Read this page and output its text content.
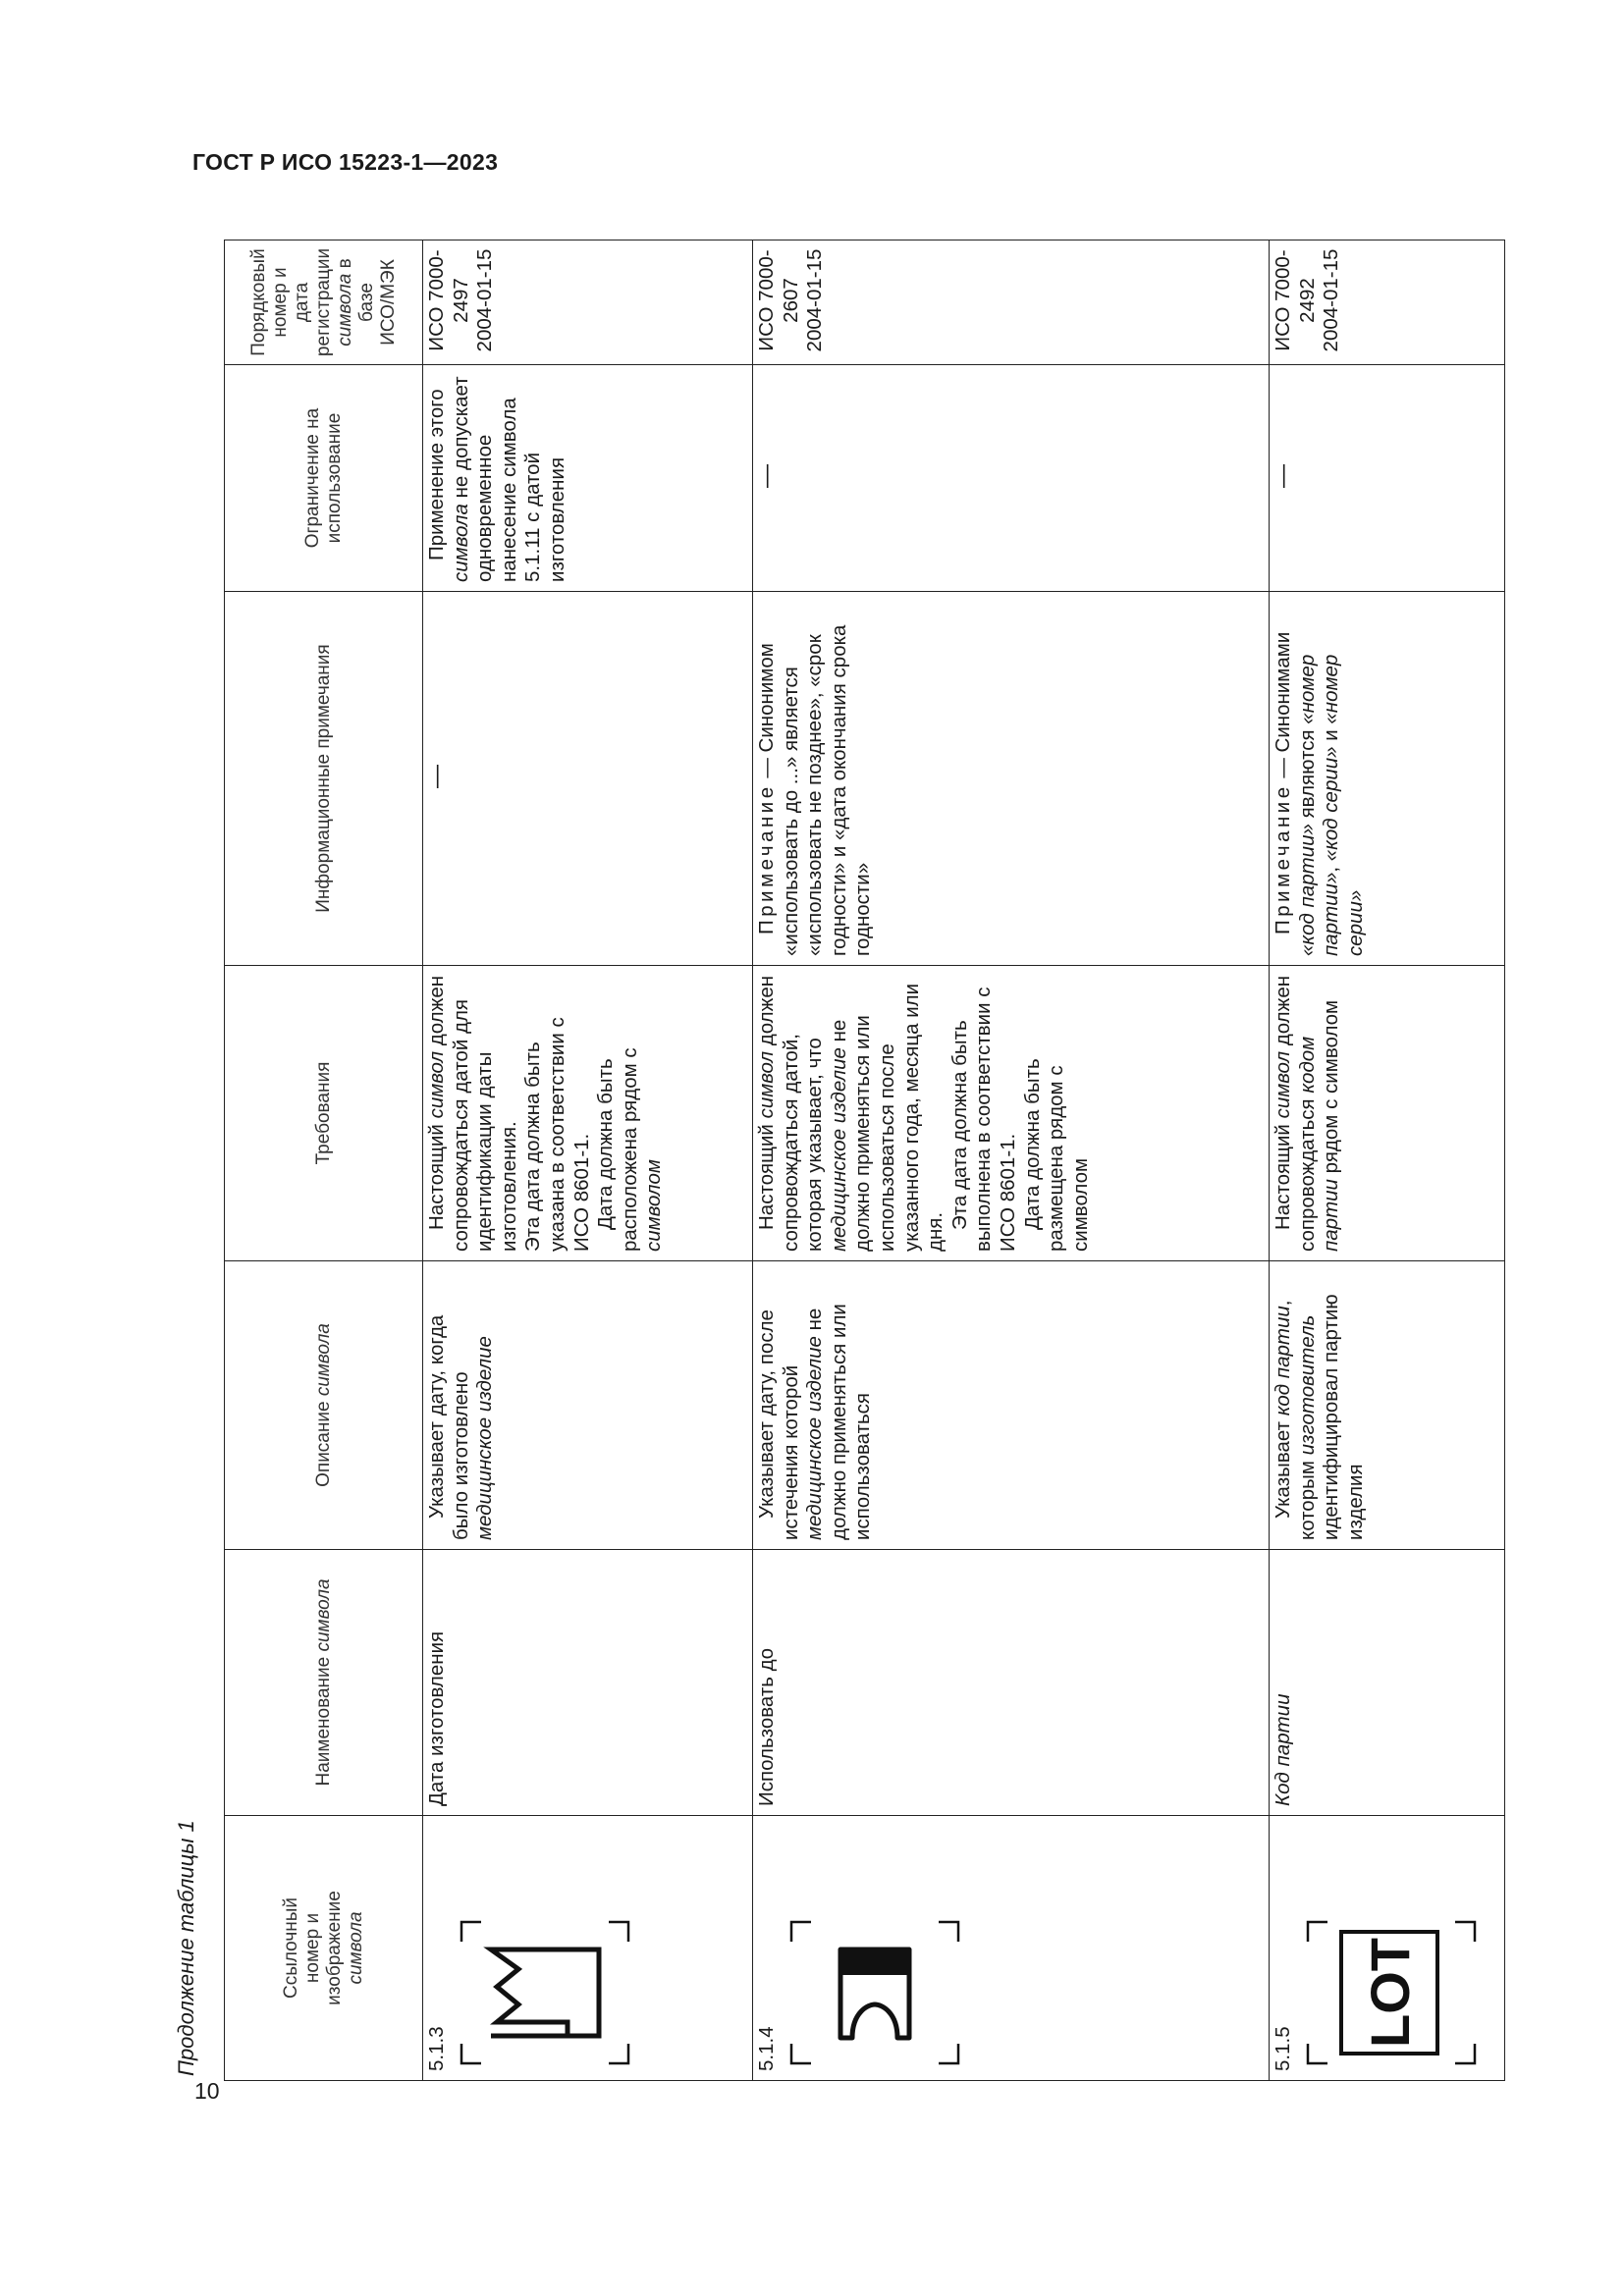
ГОСТ Р ИСО 15223-1—2023
10
Продолжение таблицы 1	Ссылочный
номер и
изображение
символа	Наименование символа	Описание символа	Требования	Информационные примечания	Ограничение на
использование	Порядковый
номер и дата
регистрации
символа в базе
ИСО/МЭК

5.1.3	Дата изготовления	Указывает дату, когда было изготовлено медицинское изделие	Настоящий символ должен сопровождаться датой для идентификации даты изготовления.
Эта дата должна быть указана в соответствии с ИСО 8601-1.
Дата должна быть расположена рядом с символом	—	Применение этого символа не допускает одновременное нанесение символа 5.1.11 с датой изготовления	ИСО 7000-2497
2004-01-15

5.1.4	Использовать до	Указывает дату, после истечения которой медицинское изделие не должно применяться или использоваться	Настоящий символ должен сопровождаться датой, которая указывает, что медицинское изделие не должно применяться или использоваться после указанного года, месяца или дня.
Эта дата должна быть выполнена в соответствии с ИСО 8601-1.
Дата должна быть размещена рядом с символом	Примечание — Синонимом «использовать до ...» является «использовать не позднее», «срок годности» и «дата окончания срока годности»	—	ИСО 7000-2607
2004-01-15

5.1.5
LOT	Код партии	Указывает код партии, которым изготовитель идентифицировал партию изделия	Настоящий символ должен сопровождаться кодом партии рядом с символом	Примечание — Синонимами «код партии» являются «номер партии», «код серии» и «номер серии»	—	ИСО 7000-2492
2004-01-15
